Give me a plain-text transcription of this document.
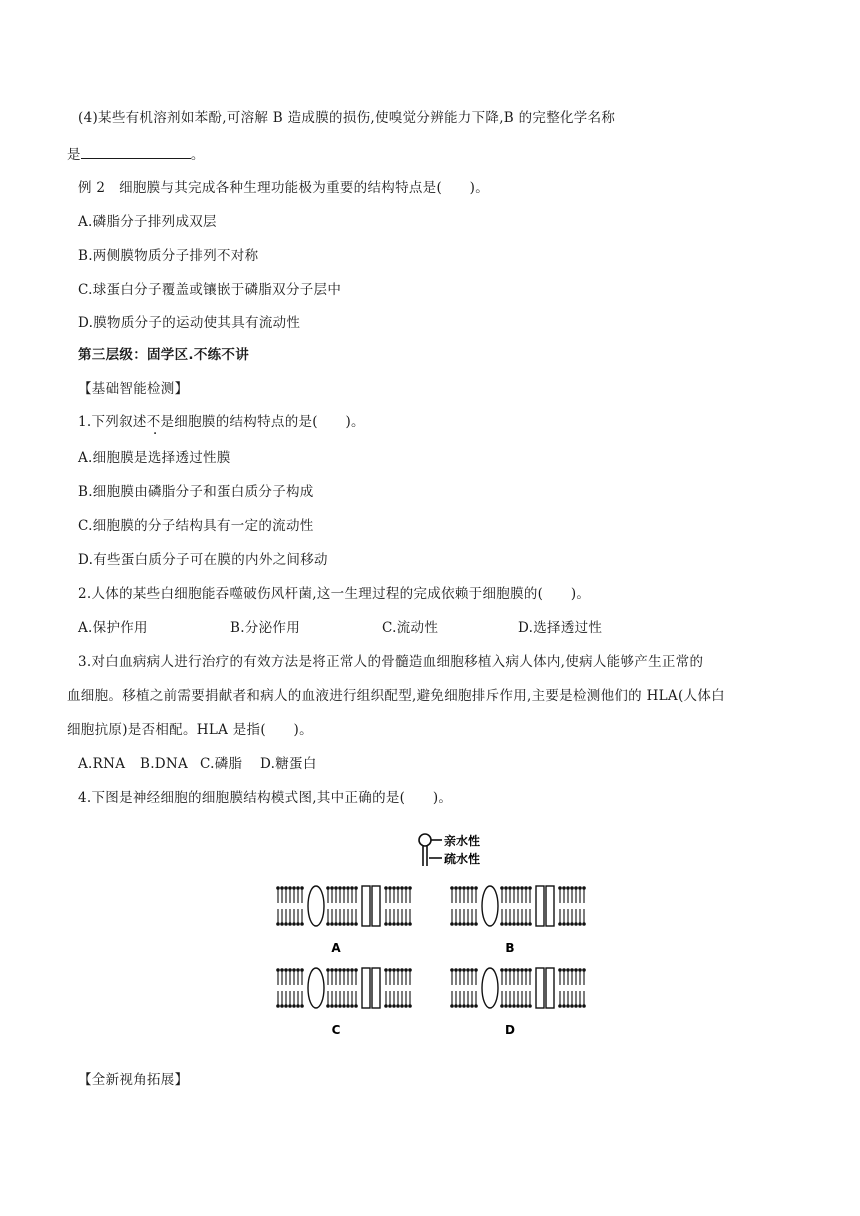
(4)某些有机溶剂如苯酚,可溶解 B 造成膜的损伤,使嗅觉分辨能力下降,B 的完整化学名称
是	。
例 2　细胞膜与其完成各种生理功能极为重要的结构特点是(　　)。
A.磷脂分子排列成双层
B.两侧膜物质分子排列不对称
C.球蛋白分子覆盖或镶嵌于磷脂双分子层中
D.膜物质分子的运动使其具有流动性
第三层级：固学区.不练不讲
【基础智能检测】
1.下列叙述不是细胞膜的结构特点的是(　　)。
A.细胞膜是选择透过性膜
B.细胞膜由磷脂分子和蛋白质分子构成
C.细胞膜的分子结构具有一定的流动性
D.有些蛋白质分子可在膜的内外之间移动
2.人体的某些白细胞能吞噬破伤风杆菌,这一生理过程的完成依赖于细胞膜的(　　)。
A.保护作用	B.分泌作用	C.流动性	D.选择透过性
3.对白血病病人进行治疗的有效方法是将正常人的骨髓造血细胞移植入病人体内,使病人能够产生正常的
血细胞。移植之前需要捐献者和病人的血液进行组织配型,避免细胞排斥作用,主要是检测他们的 HLA(人体白
细胞抗原)是否相配。HLA 是指(　　)。
A.RNA B.DNA C.磷脂 D.糖蛋白
4.下图是神经细胞的细胞膜结构模式图,其中正确的是(　　)。
亲水性
疏水性
A	B
C	D
【全新视角拓展】
